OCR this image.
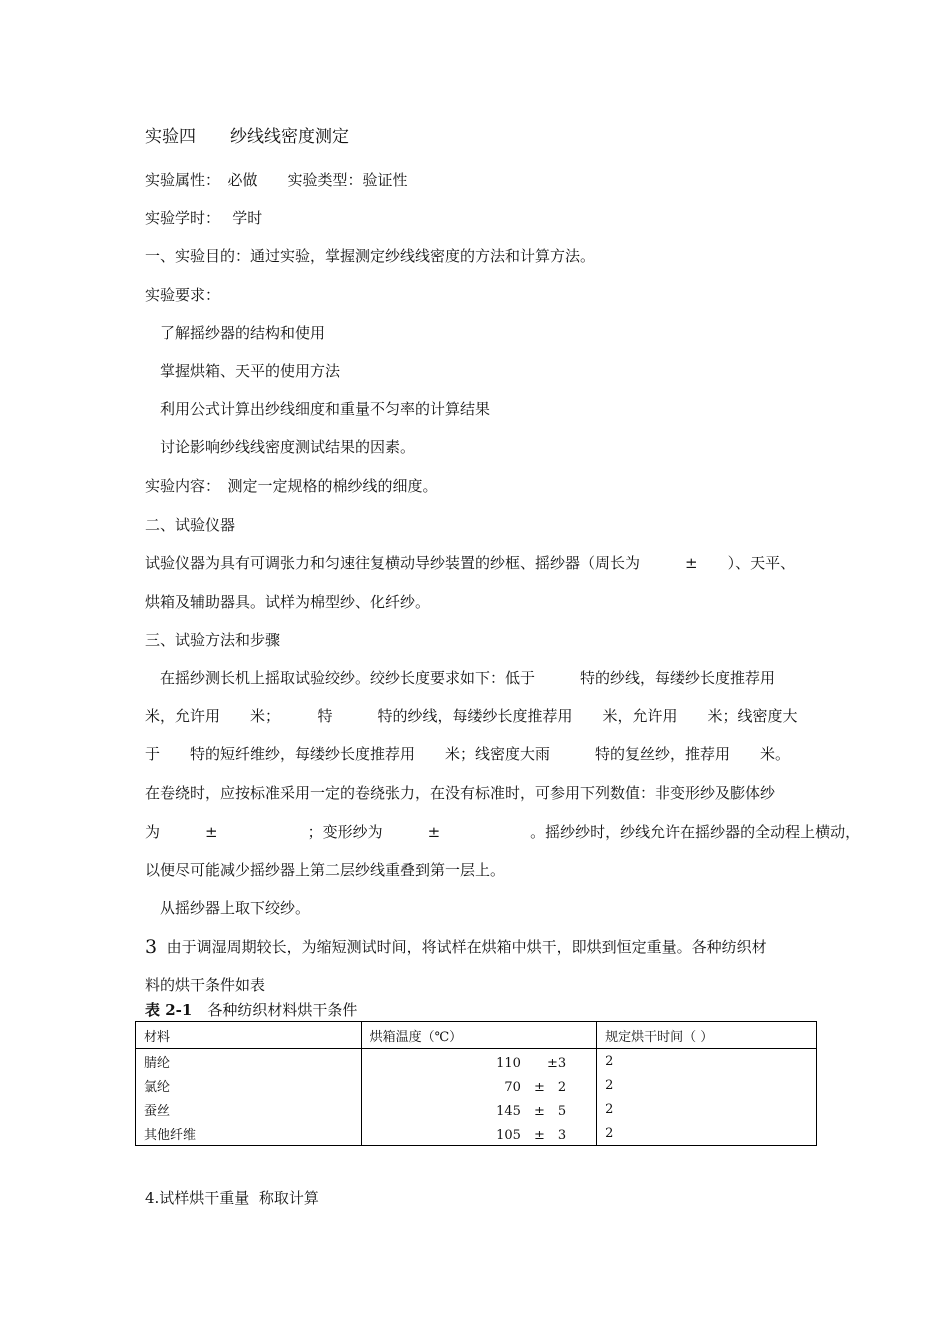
实验四　　纱线线密度测定
实验属性：　必做　　实验类型：验证性
实验学时：　 学时
一、实验目的：通过实验，掌握测定纱线线密度的方法和计算方法。
实验要求：
了解摇纱器的结构和使用
掌握烘箱、天平的使用方法
利用公式计算出纱线细度和重量不匀率的计算结果
讨论影响纱线线密度测试结果的因素。
实验内容：　测定一定规格的棉纱线的细度。
二、试验仪器
试验仪器为具有可调张力和匀速往复横动导纱装置的纱框、摇纱器（周长为　　　±　　）、天平、
烘箱及辅助器具。试样为棉型纱、化纤纱。
三、试验方法和步骤
在摇纱测长机上摇取试验绞纱。绞纱长度要求如下：低于　　　特的纱线，每缕纱长度推荐用
米，允许用　　米；　　　特　　　特的纱线，每缕纱长度推荐用　　米，允许用　　米；线密度大
于　　特的短纤维纱，每缕纱长度推荐用　　米；线密度大雨　　　特的复丝纱，推荐用　　米。
在卷绕时，应按标准采用一定的卷绕张力，在没有标准时，可参用下列数值：非变形纱及膨体纱
为　　　±　　　　　　；变形纱为　　　±　　　　　　。摇纱纱时，纱线允许在摇纱器的全动程上横动，
以便尽可能减少摇纱器上第二层纱线重叠到第一层上。
从摇纱器上取下绞纱。
3 由于调湿周期较长，为缩短测试时间，将试样在烘箱中烘干，即烘到恒定重量。各种纺织材
料的烘干条件如表
表 2-1　各种纺织材料烘干条件
材料	烘箱温度（℃）	规定烘干时间（ ）
腈纶	110　　±3	2
氯纶	70　±　2	2
蚕丝	145　±　5	2
其他纤维	105　±　3	2
4.试样烘干重量  称取计算
